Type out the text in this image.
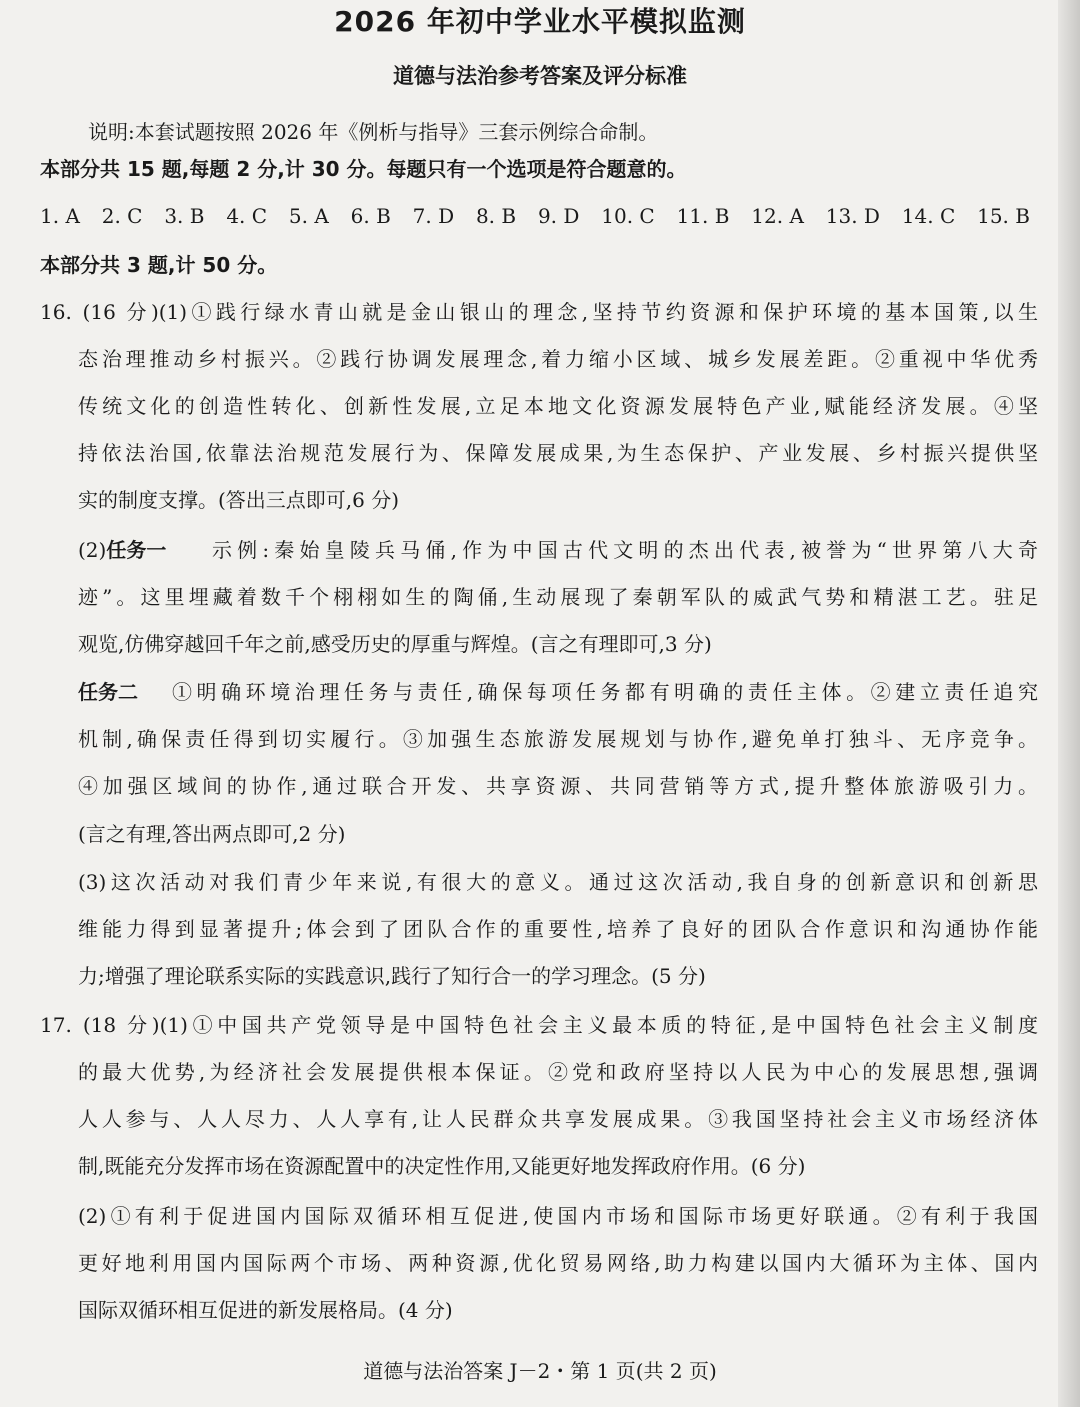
2026 年初中学业水平模拟监测
道德与法治参考答案及评分标准
说明:本套试题按照 2026 年《例析与指导》三套示例综合命制。
本部分共 15 题,每题 2 分,计 30 分。每题只有一个选项是符合题意的。
1. A 2. C 3. B 4. C 5. A 6. B 7. D 8. B 9. D 10. C 11. B 12. A 13. D 14. C 15. B
本部分共 3 题,计 50 分。
16. (16 分)(1)①践行绿水青山就是金山银山的理念,坚持节约资源和保护环境的基本国策,以生
态治理推动乡村振兴。②践行协调发展理念,着力缩小区域、城乡发展差距。②重视中华优秀
传统文化的创造性转化、创新性发展,立足本地文化资源发展特色产业,赋能经济发展。④坚
持依法治国,依靠法治规范发展行为、保障发展成果,为生态保护、产业发展、乡村振兴提供坚
实的制度支撑。(答出三点即可,6 分)
(2)任务一 示例:秦始皇陵兵马俑,作为中国古代文明的杰出代表,被誉为“世界第八大奇
迹”。这里埋藏着数千个栩栩如生的陶俑,生动展现了秦朝军队的威武气势和精湛工艺。驻足
观览,仿佛穿越回千年之前,感受历史的厚重与辉煌。(言之有理即可,3 分)
任务二 ①明确环境治理任务与责任,确保每项任务都有明确的责任主体。②建立责任追究
机制,确保责任得到切实履行。③加强生态旅游发展规划与协作,避免单打独斗、无序竞争。
④加强区域间的协作,通过联合开发、共享资源、共同营销等方式,提升整体旅游吸引力。
(言之有理,答出两点即可,2 分)
(3)这次活动对我们青少年来说,有很大的意义。通过这次活动,我自身的创新意识和创新思
维能力得到显著提升;体会到了团队合作的重要性,培养了良好的团队合作意识和沟通协作能
力;增强了理论联系实际的实践意识,践行了知行合一的学习理念。(5 分)
17. (18 分)(1)①中国共产党领导是中国特色社会主义最本质的特征,是中国特色社会主义制度
的最大优势,为经济社会发展提供根本保证。②党和政府坚持以人民为中心的发展思想,强调
人人参与、人人尽力、人人享有,让人民群众共享发展成果。③我国坚持社会主义市场经济体
制,既能充分发挥市场在资源配置中的决定性作用,又能更好地发挥政府作用。(6 分)
(2)①有利于促进国内国际双循环相互促进,使国内市场和国际市场更好联通。②有利于我国
更好地利用国内国际两个市场、两种资源,优化贸易网络,助力构建以国内大循环为主体、国内
国际双循环相互促进的新发展格局。(4 分)
道德与法治答案 J－2・第 1 页(共 2 页)
